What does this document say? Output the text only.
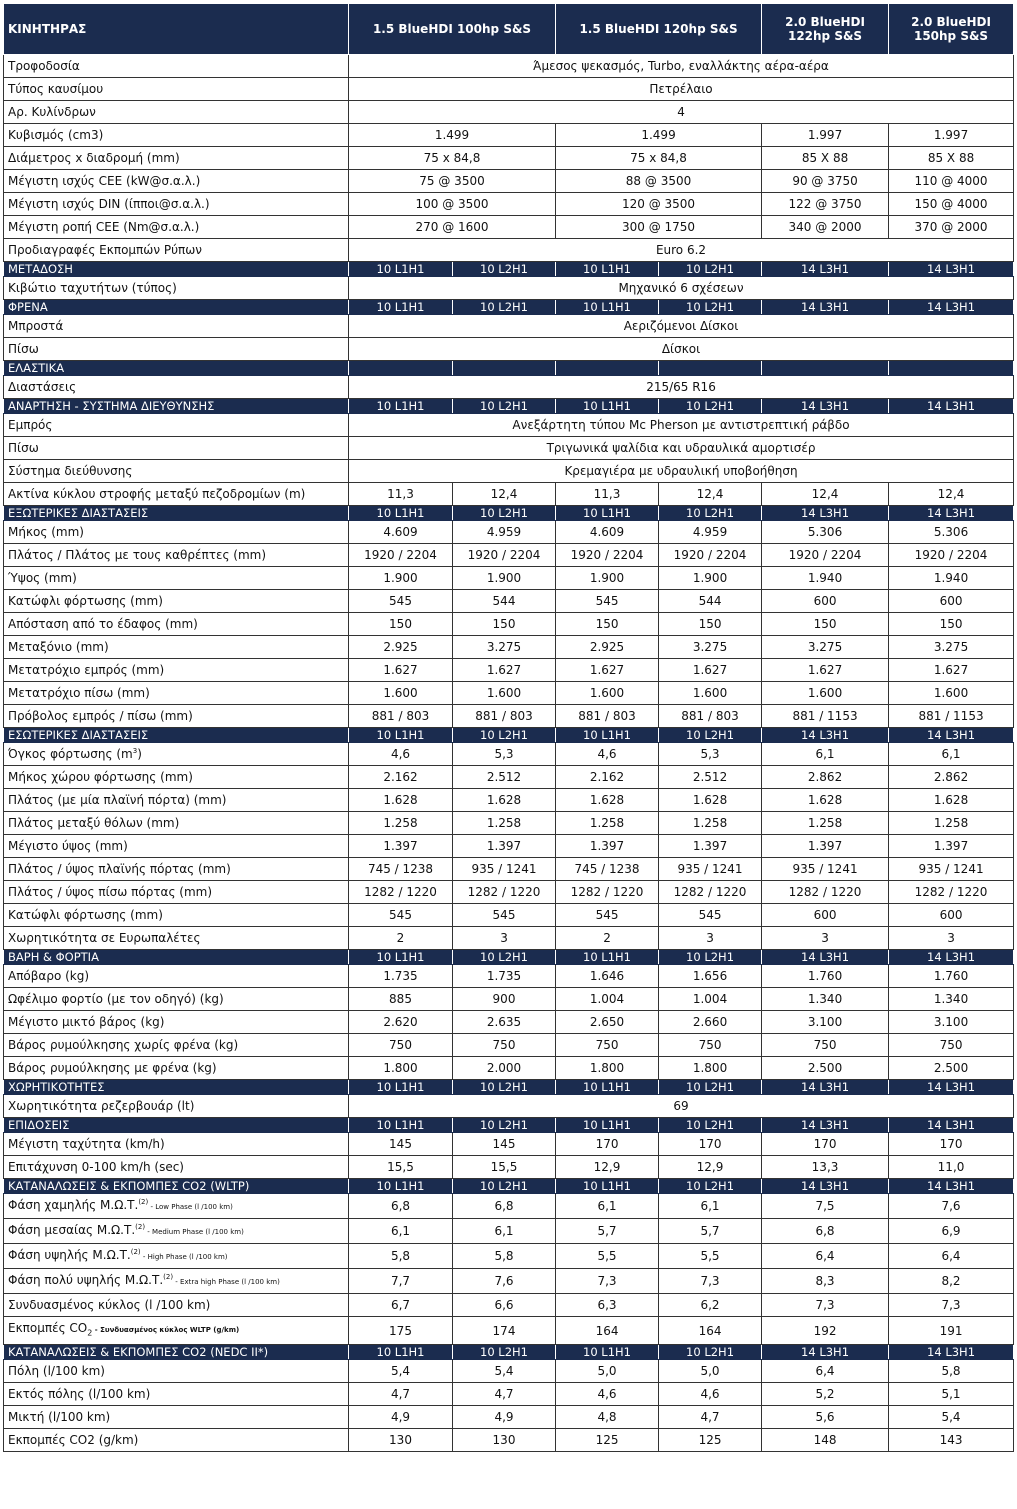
ΚΙΝΗΤΗΡΑΣ	1.5 BlueHDI 100hp S&S		1.5 BlueHDI 120hp S&S		2.0 BlueHDI 122hp S&S	2.0 BlueHDI 150hp S&S
Τροφοδοσία	Άμεσος ψεκασμός, Turbo, εναλλάκτης αέρα-αέρα					
Τύπος καυσίμου	Πετρέλαιο					
Αρ. Κυλίνδρων	4					
Κυβισμός (cm3)	1.499		1.499		1.997	1.997
Διάμετρος x διαδρομή (mm)	75 x 84,8		75 x 84,8		85 X 88	85 X 88
Μέγιστη ισχύς CEE (kW@σ.α.λ.)	75 @ 3500		88 @ 3500		90 @ 3750	110 @ 4000
Μέγιστη ισχύς DIN (ίπποι@σ.α.λ.)	100 @ 3500		120 @ 3500		122 @ 3750	150 @ 4000
Μέγιστη ροπή CEE (Nm@σ.α.λ.)	270 @ 1600		300 @ 1750		340 @ 2000	370 @ 2000
Προδιαγραφές Εκπομπών Ρύπων	Euro 6.2					
ΜΕΤΑΔΟΣΗ	10 L1H1	10 L2H1	10 L1H1	10 L2H1	14 L3H1	14 L3H1
Κιβώτιο ταχυτήτων (τύπος)	Μηχανικό 6 σχέσεων					
ΦΡΕΝΑ	10 L1H1	10 L2H1	10 L1H1	10 L2H1	14 L3H1	14 L3H1
Μπροστά	Αεριζόμενοι Δίσκοι					
Πίσω	Δίσκοι					
ΕΛΑΣΤΙΚΑ						
Διαστάσεις	215/65 R16					
ΑΝΑΡΤΗΣΗ - ΣΥΣΤΗΜΑ ΔΙΕΥΘΥΝΣΗΣ	10 L1H1	10 L2H1	10 L1H1	10 L2H1	14 L3H1	14 L3H1
Εμπρός	Ανεξάρτητη τύπου Mc Pherson με αντιστρεπτική ράβδο					
Πίσω	Τριγωνικά ψαλίδια και υδραυλικά αμορτισέρ					
Σύστημα διεύθυνσης	Κρεμαγιέρα με υδραυλική υποβοήθηση					
Ακτίνα κύκλου στροφής μεταξύ πεζοδρομίων (m)	11,3	12,4	11,3	12,4	12,4	12,4
ΕΞΩΤΕΡΙΚΕΣ ΔΙΑΣΤΑΣΕΙΣ	10 L1H1	10 L2H1	10 L1H1	10 L2H1	14 L3H1	14 L3H1
Μήκος (mm)	4.609	4.959	4.609	4.959	5.306	5.306
Πλάτος / Πλάτος με τους καθρέπτες (mm)	1920 / 2204	1920 / 2204	1920 / 2204	1920 / 2204	1920 / 2204	1920 / 2204
Ύψος (mm)	1.900	1.900	1.900	1.900	1.940	1.940
Κατώφλι φόρτωσης (mm)	545	544	545	544	600	600
Απόσταση από το έδαφος (mm)	150	150	150	150	150	150
Μεταξόνιο (mm)	2.925	3.275	2.925	3.275	3.275	3.275
Μετατρόχιο εμπρός (mm)	1.627	1.627	1.627	1.627	1.627	1.627
Μετατρόχιο πίσω (mm)	1.600	1.600	1.600	1.600	1.600	1.600
Πρόβολος εμπρός / πίσω (mm)	881 / 803	881 / 803	881 / 803	881 / 803	881 / 1153	881 / 1153
ΕΣΩΤΕΡΙΚΕΣ ΔΙΑΣΤΑΣΕΙΣ	10 L1H1	10 L2H1	10 L1H1	10 L2H1	14 L3H1	14 L3H1
Όγκος φόρτωσης $(m^3)$	4,6	5,3	4,6	5,3	6,1	6,1
Μήκος χώρου φόρτωσης (mm)	2.162	2.512	2.162	2.512	2.862	2.862
Πλάτος (με μία πλαϊνή πόρτα) (mm)	1.628	1.628	1.628	1.628	1.628	1.628
Πλάτος μεταξύ θόλων (mm)	1.258	1.258	1.258	1.258	1.258	1.258
Μέγιστο ύψος (mm)	1.397	1.397	1.397	1.397	1.397	1.397
Πλάτος / ύψος πλαϊνής πόρτας (mm)	745 / 1238	935 / 1241	745 / 1238	935 / 1241	935 / 1241	935 / 1241
Πλάτος / ύψος πίσω πόρτας (mm)	1282 / 1220	1282 / 1220	1282 / 1220	1282 / 1220	1282 / 1220	1282 / 1220
Κατώφλι φόρτωσης (mm)	545	545	545	545	600	600
Χωρητικότητα σε Ευρωπαλέτες	2	3	2	3	3	3
ΒΑΡΗ & ΦΟΡΤΙΑ	10 L1H1	10 L2H1	10 L1H1	10 L2H1	14 L3H1	14 L3H1
Απόβαρο (kg)	1.735	1.735	1.646	1.656	1.760	1.760
Ωφέλιμο φορτίο (με τον οδηγό) (kg)	885	900	1.004	1.004	1.340	1.340
Μέγιστο μικτό βάρος (kg)	2.620	2.635	2.650	2.660	3.100	3.100
Βάρος ρυμούλκησης χωρίς φρένα (kg)	750	750	750	750	750	750
Βάρος ρυμούλκησης με φρένα (kg)	1.800	2.000	1.800	1.800	2.500	2.500
ΧΩΡΗΤΙΚΟΤΗΤΕΣ	10 L1H1	10 L2H1	10 L1H1	10 L2H1	14 L3H1	14 L3H1
Χωρητικότητα ρεζερβουάρ (lt)	69					
ΕΠΙΔΟΣΕΙΣ	10 L1H1	10 L2H1	10 L1H1	10 L2H1	14 L3H1	14 L3H1
Μέγιστη ταχύτητα (km/h)	145	145	170	170	170	170
Επιτάχυνση 0-100 km/h (sec)	15,5	15,5	12,9	12,9	13,3	11,0
ΚΑΤΑΝΑΛΩΣΕΙΣ & ΕΚΠΟΜΠΕΣ CO2 (WLTP)	10 L1H1	10 L2H1	10 L1H1	10 L2H1	14 L3H1	14 L3H1
Φάση χαμηλής Μ.Ω.Τ.$^{(2)}$ - Low Phase (l /100 km)	6,8	6,8	6,1	6,1	7,5	7,6
Φάση μεσαίας Μ.Ω.Τ.$^{(2)}$ - Medium Phase (l /100 km)	6,1	6,1	5,7	5,7	6,8	6,9
Φάση υψηλής Μ.Ω.Τ.$^{(2)}$ - High Phase (l /100 km)	5,8	5,8	5,5	5,5	6,4	6,4
Φάση πολύ υψηλής Μ.Ω.Τ.$^{(2)}$ - Extra high Phase (l /100 km)	7,7	7,6	7,3	7,3	8,3	8,2
Συνδυασμένος κύκλος (l /100 km)	6,7	6,6	6,3	6,2	7,3	7,3
Εκπομπές $CO_2$ - Συνδυασμένος κύκλος WLTP (g/km)	175	174	164	164	192	191
ΚΑΤΑΝΑΛΩΣΕΙΣ & ΕΚΠΟΜΠΕΣ CO2 (NEDC II*)	10 L1H1	10 L2H1	10 L1H1	10 L2H1	14 L3H1	14 L3H1
Πόλη (l/100 km)	5,4	5,4	5,0	5,0	6,4	5,8
Εκτός πόλης (l/100 km)	4,7	4,7	4,6	4,6	5,2	5,1
Μικτή (l/100 km)	4,9	4,9	4,8	4,7	5,6	5,4
Εκπομπές CO2 (g/km)	130	130	125	125	148	143
